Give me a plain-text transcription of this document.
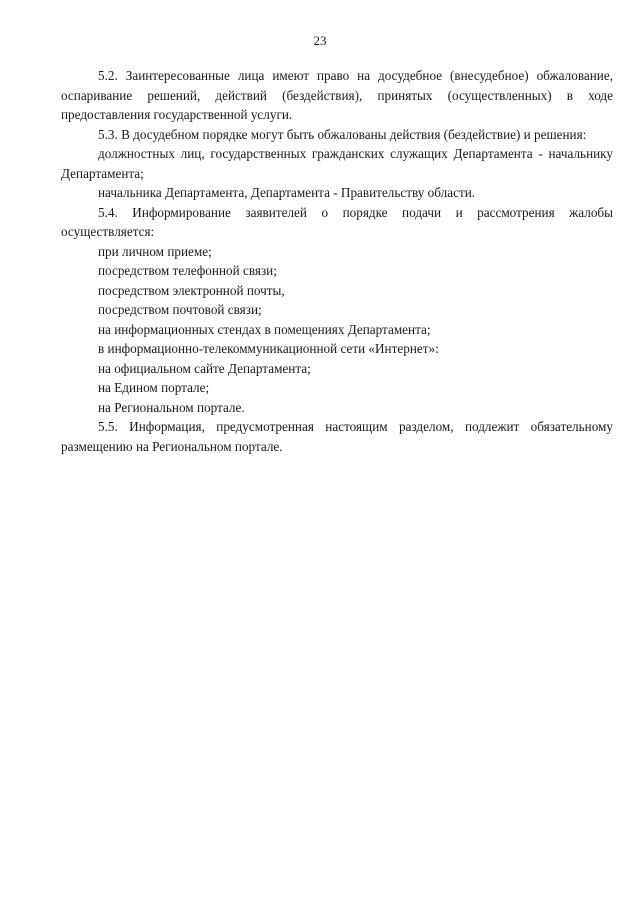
23

5.2. Заинтересованные лица имеют право на досудебное (внесудебное) обжалование, оспаривание решений, действий (бездействия), принятых (осуществленных) в ходе предоставления государственной услуги.

5.3. В досудебном порядке могут быть обжалованы действия (бездействие) и решения:

должностных лиц, государственных гражданских служащих Департамента - начальнику Департамента;

начальника Департамента, Департамента - Правительству области.

5.4. Информирование заявителей о порядке подачи и рассмотрения жалобы осуществляется:

при личном приеме;

посредством телефонной связи;

посредством электронной почты,

посредством почтовой связи;

на информационных стендах в помещениях Департамента;

в информационно-телекоммуникационной сети «Интернет»:

на официальном сайте Департамента;

на Едином портале;

на Региональном портале.

5.5. Информация, предусмотренная настоящим разделом, подлежит обязательному размещению на Региональном портале.
